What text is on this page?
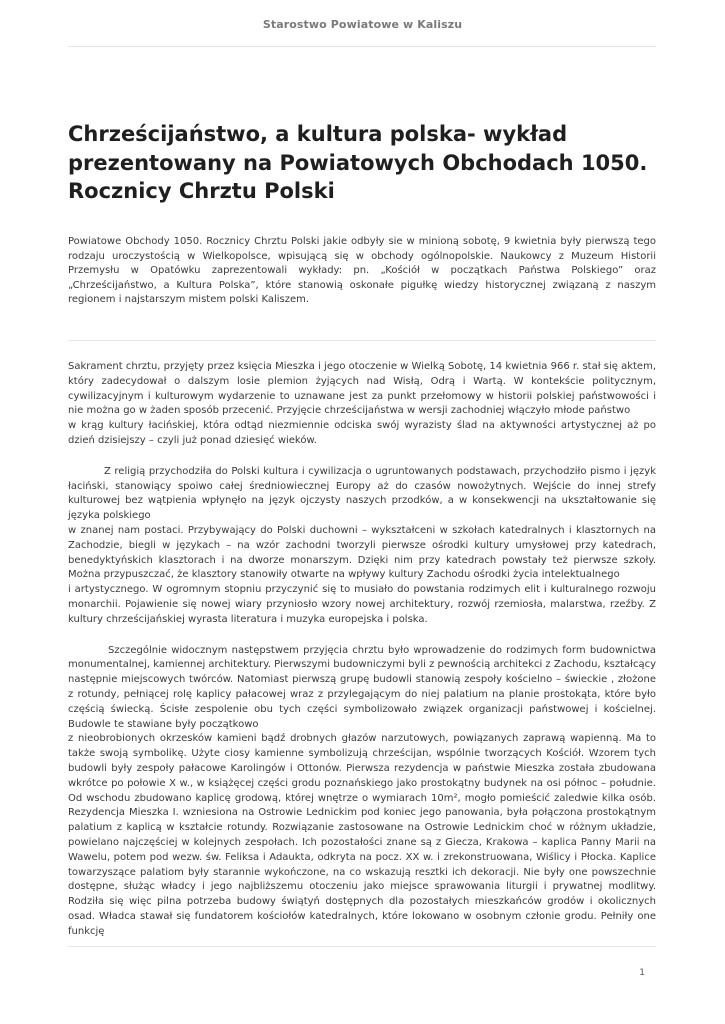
Starostwo Powiatowe w Kaliszu
Chrześcijaństwo, a kultura polska- wykład prezentowany na Powiatowych Obchodach 1050. Rocznicy Chrztu Polski

Powiatowe Obchody 1050. Rocznicy Chrztu Polski jakie odbyły sie w minioną sobotę, 9 kwietnia były pierwszą tego rodzaju uroczystością w Wielkopolsce, wpisującą się w obchody ogólnopolskie. Naukowcy z Muzeum Historii Przemysłu w Opatówku zaprezentowali wykłady: pn. „Kościół w początkach Państwa Polskiego” oraz „Chrześcijaństwo, a Kultura Polska”, które stanowią oskonałe pigułkę wiedzy historycznej związaną z naszym regionem i najstarszym mistem polski Kaliszem.

Sakrament chrztu, przyjęty przez księcia Mieszka i jego otoczenie w Wielką Sobotę, 14 kwietnia 966 r. stał się aktem, który zadecydował o dalszym losie plemion żyjących nad Wisłą, Odrą i Wartą. W kontekście politycznym, cywilizacyjnym i kulturowym wydarzenie to uznawane jest za punkt przełomowy w historii polskiej państwowości i nie można go w żaden sposób przecenić. Przyjęcie chrześcijaństwa w wersji zachodniej włączyło młode państwo
w krąg kultury łacińskiej, która odtąd niezmiennie odciska swój wyrazisty ślad na aktywności artystycznej aż po dzień dzisiejszy – czyli już ponad dziesięć wieków.

Z religią przychodziła do Polski kultura i cywilizacja o ugruntowanych podstawach, przychodziło pismo i język łaciński, stanowiący spoiwo całej średniowiecznej Europy aż do czasów nowożytnych. Wejście do innej strefy kulturowej bez wątpienia wpłynęło na język ojczysty naszych przodków, a w konsekwencji na ukształtowanie się języka polskiego
w znanej nam postaci. Przybywający do Polski duchowni – wykształceni w szkołach katedralnych i klasztornych na Zachodzie, biegli w językach – na wzór zachodni tworzyli pierwsze ośrodki kultury umysłowej przy katedrach, benedyktyńskich klasztorach i na dworze monarszym. Dzięki nim przy katedrach powstały też pierwsze szkoły. Można przypuszczać, że klasztory stanowiły otwarte na wpływy kultury Zachodu ośrodki życia intelektualnego
i artystycznego. W ogromnym stopniu przyczynić się to musiało do powstania rodzimych elit i kulturalnego rozwoju monarchii. Pojawienie się nowej wiary przyniosło wzory nowej architektury, rozwój rzemiosła, malarstwa, rzeźby. Z kultury chrześcijańskiej wyrasta literatura i muzyka europejska i polska.

Szczególnie widocznym następstwem przyjęcia chrztu było wprowadzenie do rodzimych form budownictwa monumentalnej, kamiennej architektury. Pierwszymi budowniczymi byli z pewnością architekci z Zachodu, kształcący następnie miejscowych twórców. Natomiast pierwszą grupę budowli stanowią zespoły kościelno – świeckie , złożone z rotundy, pełniącej rolę kaplicy pałacowej wraz z przylegającym do niej palatium na planie prostokąta, które było częścią świecką. Ścisłe zespolenie obu tych części symbolizowało związek organizacji państwowej i kościelnej. Budowle te stawiane były początkowo
z nieobrobionych okrzesków kamieni bądź drobnych głazów narzutowych, powiązanych zaprawą wapienną. Ma to także swoją symbolikę. Użyte ciosy kamienne symbolizują chrześcijan, wspólnie tworzących Kościół. Wzorem tych budowli były zespoły pałacowe Karolingów i Ottonów. Pierwsza rezydencja w państwie Mieszka została zbudowana wkrótce po połowie X w., w książęcej części grodu poznańskiego jako prostokątny budynek na osi północ – południe. Od wschodu zbudowano kaplicę grodową, której wnętrze o wymiarach 10m², mogło pomieścić zaledwie kilka osób. Rezydencja Mieszka I. wzniesiona na Ostrowie Lednickim pod koniec jego panowania, była połączona prostokątnym palatium z kaplicą w kształcie rotundy. Rozwiązanie zastosowane na Ostrowie Lednickim choć w różnym układzie, powielano najczęściej w kolejnych zespołach. Ich pozostałości znane są z Giecza, Krakowa – kaplica Panny Marii na Wawelu, potem pod wezw. św. Feliksa i Adaukta, odkryta na pocz. XX w. i zrekonstruowana, Wiślicy i Płocka. Kaplice towarzyszące palatiom były starannie wykończone, na co wskazują resztki ich dekoracji. Nie były one powszechnie dostępne, służąc władcy i jego najbliższemu otoczeniu jako miejsce sprawowania liturgii i prywatnej modlitwy. Rodziła się więc pilna potrzeba budowy świątyń dostępnych dla pozostałych mieszkańców grodów i okolicznych osad. Władca stawał się fundatorem kościołów katedralnych, które lokowano w osobnym członie grodu. Pełniły one funkcję

1
